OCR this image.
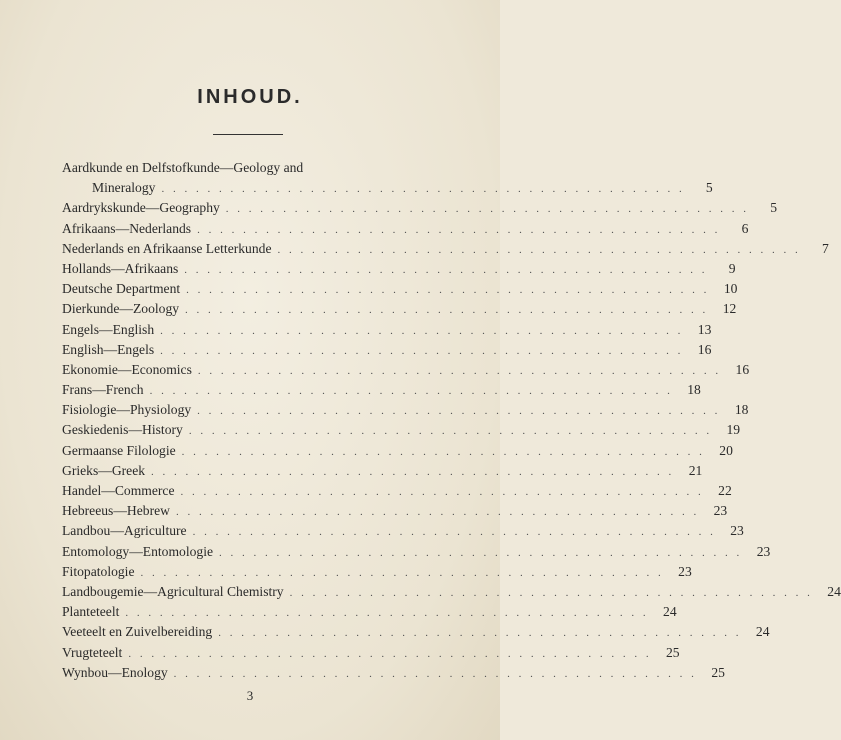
INHOUD.
Aardkunde en Delfstofkunde—Geology and
Mineralogy . . . . . . . . . . . . . . . . . . . . . . . . . . . . . . . . . . . . . . . . . . . . . .	5
Aardrykskunde—Geography . . . . . . . . . . . . . . . . . . . . . . . . . . . . . . . . . . . . . . . . . . . . . .	5
Afrikaans—Nederlands . . . . . . . . . . . . . . . . . . . . . . . . . . . . . . . . . . . . . . . . . . . . . .	6
Nederlands en Afrikaanse Letterkunde . . . . . . . . . . . . . . . . . . . . . . . . . . . . . . . . . . . . . . . . . . . . . .	7
Hollands—Afrikaans . . . . . . . . . . . . . . . . . . . . . . . . . . . . . . . . . . . . . . . . . . . . . .	9
Deutsche Department . . . . . . . . . . . . . . . . . . . . . . . . . . . . . . . . . . . . . . . . . . . . . .	10
Dierkunde—Zoology . . . . . . . . . . . . . . . . . . . . . . . . . . . . . . . . . . . . . . . . . . . . . .	12
Engels—English . . . . . . . . . . . . . . . . . . . . . . . . . . . . . . . . . . . . . . . . . . . . . .	13
English—Engels . . . . . . . . . . . . . . . . . . . . . . . . . . . . . . . . . . . . . . . . . . . . . .	16
Ekonomie—Economics . . . . . . . . . . . . . . . . . . . . . . . . . . . . . . . . . . . . . . . . . . . . . .	16
Frans—French . . . . . . . . . . . . . . . . . . . . . . . . . . . . . . . . . . . . . . . . . . . . . .	18
Fisiologie—Physiology . . . . . . . . . . . . . . . . . . . . . . . . . . . . . . . . . . . . . . . . . . . . . .	18
Geskiedenis—History . . . . . . . . . . . . . . . . . . . . . . . . . . . . . . . . . . . . . . . . . . . . . .	19
Germaanse Filologie . . . . . . . . . . . . . . . . . . . . . . . . . . . . . . . . . . . . . . . . . . . . . .	20
Grieks—Greek . . . . . . . . . . . . . . . . . . . . . . . . . . . . . . . . . . . . . . . . . . . . . .	21
Handel—Commerce . . . . . . . . . . . . . . . . . . . . . . . . . . . . . . . . . . . . . . . . . . . . . .	22
Hebreeus—Hebrew . . . . . . . . . . . . . . . . . . . . . . . . . . . . . . . . . . . . . . . . . . . . . .	23
Landbou—Agriculture . . . . . . . . . . . . . . . . . . . . . . . . . . . . . . . . . . . . . . . . . . . . . .	23
Entomology—Entomologie . . . . . . . . . . . . . . . . . . . . . . . . . . . . . . . . . . . . . . . . . . . . . .	23
Fitopatologie . . . . . . . . . . . . . . . . . . . . . . . . . . . . . . . . . . . . . . . . . . . . . .	23
Landbougemie—Agricultural Chemistry . . . . . . . . . . . . . . . . . . . . . . . . . . . . . . . . . . . . . . . . . . . . . .	24
Planteteelt . . . . . . . . . . . . . . . . . . . . . . . . . . . . . . . . . . . . . . . . . . . . . .	24
Veeteelt en Zuivelbereiding . . . . . . . . . . . . . . . . . . . . . . . . . . . . . . . . . . . . . . . . . . . . . .	24
Vrugteteelt . . . . . . . . . . . . . . . . . . . . . . . . . . . . . . . . . . . . . . . . . . . . . .	25
Wynbou—Enology . . . . . . . . . . . . . . . . . . . . . . . . . . . . . . . . . . . . . . . . . . . . . .	25
3
